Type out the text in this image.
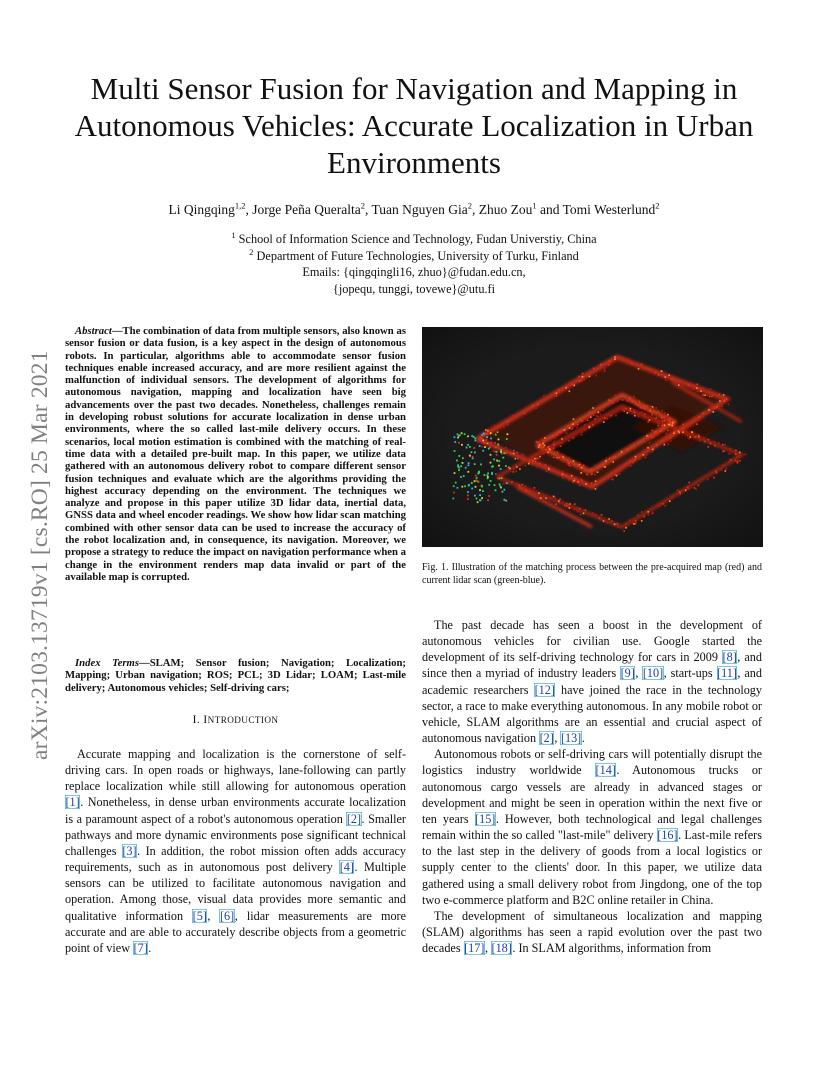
arXiv:2103.13719v1 [cs.RO] 25 Mar 2021
Multi Sensor Fusion for Navigation and Mapping in Autonomous Vehicles: Accurate Localization in Urban Environments
Li Qingqing$^{1,2}$, Jorge Peña Queralta$^2$, Tuan Nguyen Gia$^2$, Zhuo Zou$^1$ and Tomi Westerlund$^2$
$^1$ School of Information Science and Technology, Fudan Universtiy, China
$^2$ Department of Future Technologies, University of Turku, Finland
Emails: {qingqingli16, zhuo}@fudan.edu.cn,
{jopequ, tunggi, tovewe}@utu.fi
Abstract—The combination of data from multiple sensors, also known as sensor fusion or data fusion, is a key aspect in the design of autonomous robots. In particular, algorithms able to accommodate sensor fusion techniques enable increased accuracy, and are more resilient against the malfunction of individual sensors. The development of algorithms for autonomous navigation, mapping and localization have seen big advancements over the past two decades. Nonetheless, challenges remain in developing robust solutions for accurate localization in dense urban environments, where the so called last-mile delivery occurs. In these scenarios, local motion estimation is combined with the matching of real-time data with a detailed pre-built map. In this paper, we utilize data gathered with an autonomous delivery robot to compare different sensor fusion techniques and evaluate which are the algorithms providing the highest accuracy depending on the environment. The techniques we analyze and propose in this paper utilize 3D lidar data, inertial data, GNSS data and wheel encoder readings. We show how lidar scan matching combined with other sensor data can be used to increase the accuracy of the robot localization and, in consequence, its navigation. Moreover, we propose a strategy to reduce the impact on navigation performance when a change in the environment renders map data invalid or part of the available map is corrupted.
Index Terms—SLAM; Sensor fusion; Navigation; Localization; Mapping; Urban navigation; ROS; PCL; 3D Lidar; LOAM; Last-mile delivery; Autonomous vehicles; Self-driving cars;
I. INTRODUCTION

Accurate mapping and localization is the cornerstone of self-driving cars. In open roads or highways, lane-following can partly replace localization while still allowing for autonomous operation [1]. Nonetheless, in dense urban environments accurate localization is a paramount aspect of a robot's autonomous operation [2]. Smaller pathways and more dynamic environments pose significant technical challenges [3]. In addition, the robot mission often adds accuracy requirements, such as in autonomous post delivery [4]. Multiple sensors can be utilized to facilitate autonomous navigation and operation. Among those, visual data provides more semantic and qualitative information [5], [6], lidar measurements are more accurate and are able to accurately describe objects from a geometric point of view [7].

Fig. 1. Illustration of the matching process between the pre-acquired map (red) and current lidar scan (green-blue).

The past decade has seen a boost in the development of autonomous vehicles for civilian use. Google started the development of its self-driving technology for cars in 2009 [8], and since then a myriad of industry leaders [9], [10], start-ups [11], and academic researchers [12] have joined the race in the technology sector, a race to make everything autonomous. In any mobile robot or vehicle, SLAM algorithms are an essential and crucial aspect of autonomous navigation [2], [13].

Autonomous robots or self-driving cars will potentially disrupt the logistics industry worldwide [14]. Autonomous trucks or autonomous cargo vessels are already in advanced stages or development and might be seen in operation within the next five or ten years [15]. However, both technological and legal challenges remain within the so called "last-mile" delivery [16]. Last-mile refers to the last step in the delivery of goods from a local logistics or supply center to the clients' door. In this paper, we utilize data gathered using a small delivery robot from Jingdong, one of the top two e-commerce platform and B2C online retailer in China.

The development of simultaneous localization and mapping (SLAM) algorithms has seen a rapid evolution over the past two decades [17], [18]. In SLAM algorithms, information from
